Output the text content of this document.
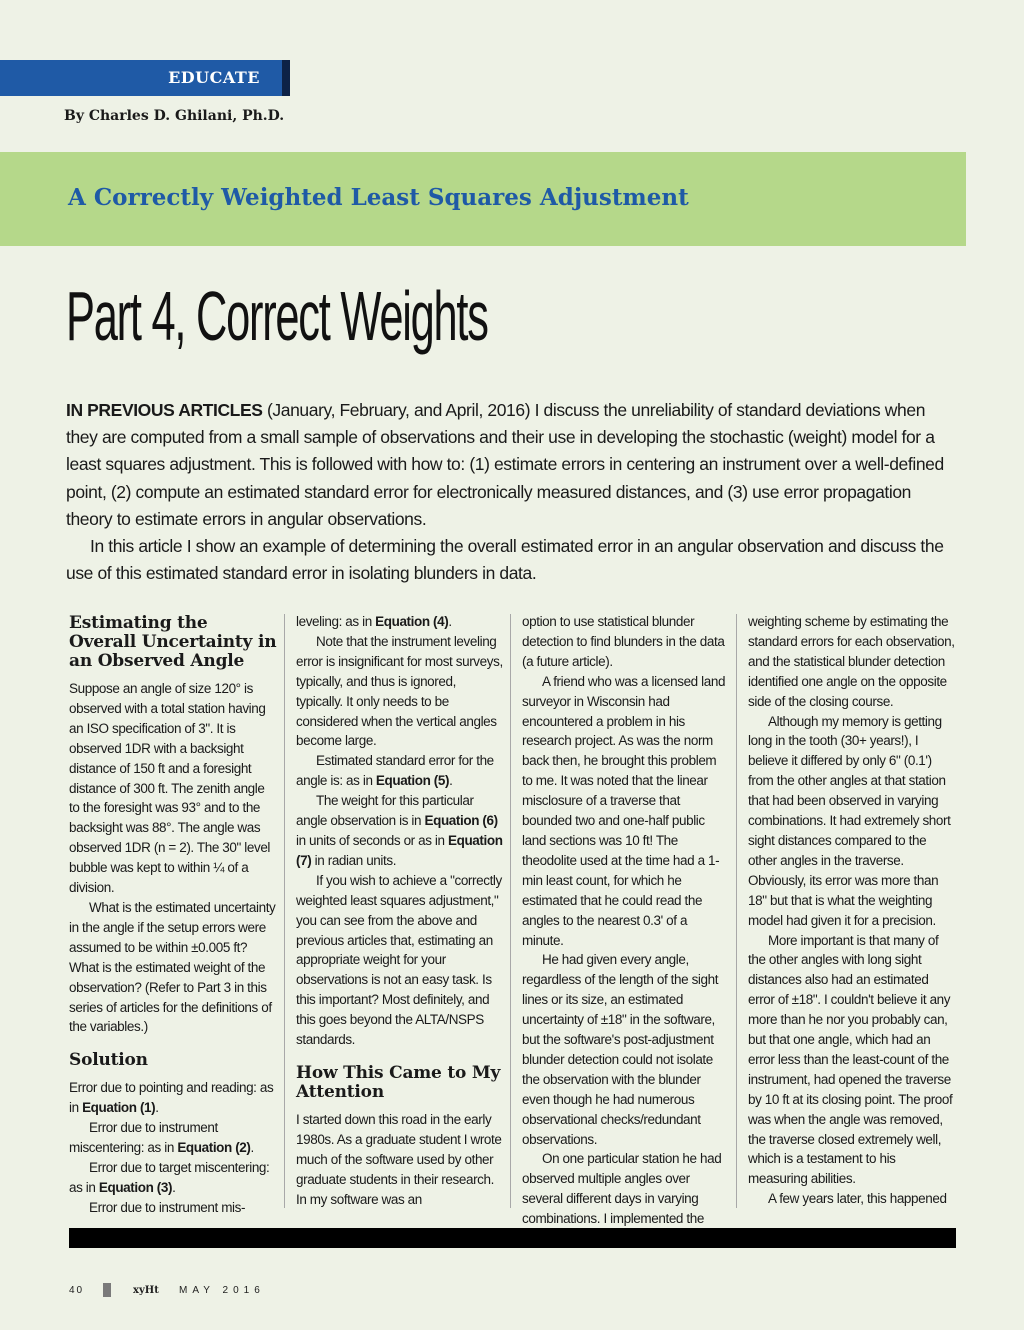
EDUCATE
By Charles D. Ghilani, Ph.D.
A Correctly Weighted Least Squares Adjustment
Part 4, Correct Weights

IN PREVIOUS ARTICLES (January, February, and April, 2016) I discuss the unreliability of standard deviations when they are computed from a small sample of observations and their use in developing the stochastic (weight) model for a least squares adjustment. This is followed with how to: (1) estimate errors in centering an instrument over a well-defined point, (2) compute an estimated standard error for electronically measured distances, and (3) use error propagation theory to estimate errors in angular observations.

In this article I show an example of determining the overall estimated error in an angular observation and discuss the use of this estimated standard error in isolating blunders in data.

Estimating the Overall Uncertainty in an Observed Angle

Suppose an angle of size 120° is observed with a total station having an ISO specification of 3". It is observed 1DR with a backsight distance of 150 ft and a foresight distance of 300 ft. The zenith angle to the foresight was 93° and to the backsight was 88°. The angle was observed 1DR (n = 2). The 30" level bubble was kept to within ¼ of a division.

What is the estimated uncertainty in the angle if the setup errors were assumed to be within ±0.005 ft? What is the estimated weight of the observation? (Refer to Part 3 in this series of articles for the definitions of the variables.)

Solution

Error due to pointing and reading: as in Equation (1).

Error due to instrument miscentering: as in Equation (2).

Error due to target miscentering: as in Equation (3).

Error due to instrument mis-

leveling: as in Equation (4).

Note that the instrument leveling error is insignificant for most surveys, typically, and thus is ignored, typically. It only needs to be considered when the vertical angles become large.

Estimated standard error for the angle is: as in Equation (5).

The weight for this particular angle observation is in Equation (6) in units of seconds or as in Equation (7) in radian units.

If you wish to achieve a "correctly weighted least squares adjustment," you can see from the above and previous articles that, estimating an appropriate weight for your observations is not an easy task. Is this important? Most definitely, and this goes beyond the ALTA/NSPS standards.

How This Came to My Attention

I started down this road in the early 1980s. As a graduate student I wrote much of the software used by other graduate students in their research. In my software was an

option to use statistical blunder detection to find blunders in the data (a future article).

A friend who was a licensed land surveyor in Wisconsin had encountered a problem in his research project. As was the norm back then, he brought this problem to me. It was noted that the linear misclosure of a traverse that bounded two and one-half public land sections was 10 ft! The theodolite used at the time had a 1-min least count, for which he estimated that he could read the angles to the nearest 0.3' of a minute.

He had given every angle, regardless of the length of the sight lines or its size, an estimated uncertainty of ±18" in the software, but the software's post-adjustment blunder detection could not isolate the observation with the blunder even though he had numerous observational checks/redundant observations.

On one particular station he had observed multiple angles over several different days in varying combinations. I implemented the

weighting scheme by estimating the standard errors for each observation, and the statistical blunder detection identified one angle on the opposite side of the closing course.

Although my memory is getting long in the tooth (30+ years!), I believe it differed by only 6" (0.1') from the other angles at that station that had been observed in varying combinations. It had extremely short sight distances compared to the other angles in the traverse. Obviously, its error was more than 18" but that is what the weighting model had given it for a precision.

More important is that many of the other angles with long sight distances also had an estimated error of ±18". I couldn't believe it any more than he nor you probably can, but that one angle, which had an error less than the least-count of the instrument, had opened the traverse by 10 ft at its closing point. The proof was when the angle was removed, the traverse closed extremely well, which is a testament to his measuring abilities.

A few years later, this happened

40	xyHt	MAY 2016
